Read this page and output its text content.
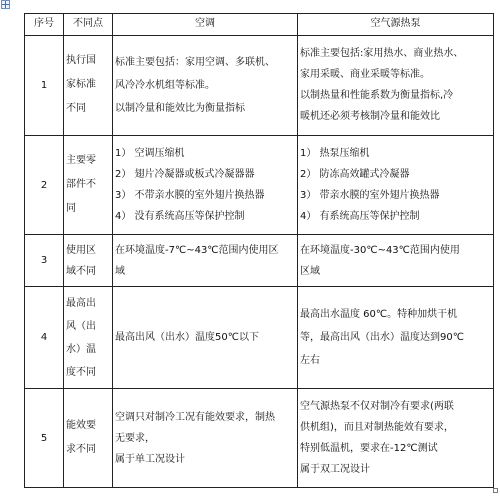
序号	不同点	空调	空气源热泵
1	执行国
家标准
不同	标准主要包括：家用空调、多联机、
风冷冷水机组等标准。
以制冷量和能效比为衡量指标	标准主要包括:家用热水、商业热水、
家用采暖、商业采暖等标准。
以制热量和性能系数为衡量指标,冷
暖机还必须考核制冷量和能效比

2	主要零
部件不
同	1） 空调压缩机
2） 翅片冷凝器或板式冷凝器器
3） 不带亲水膜的室外翅片换热器
4） 没有系统高压等保护控制	1） 热泵压缩机
2） 防冻高效罐式冷凝器
3） 带亲水膜的室外翅片换热器
4） 有系统高压等保护控制

3	使用区
域不同	在环境温度-7℃~43℃范围内使用区
域	在环境温度-30℃~43℃范围内使用
区域

4	最高出
风（出
水）温
度不同	最高出风（出水）温度50℃以下	最高出水温度 60℃。特种加烘干机
等，最高出风（出水）温度达到90℃
左右

5	能效要
求不同	空调只对制冷工况有能效要求，制热
无要求，
属于单工况设计	空气源热泵不仅对制冷有要求(两联
供机组)，而且对制热能效有要求，
特别低温机，要求在-12℃测试
属于双工况设计
